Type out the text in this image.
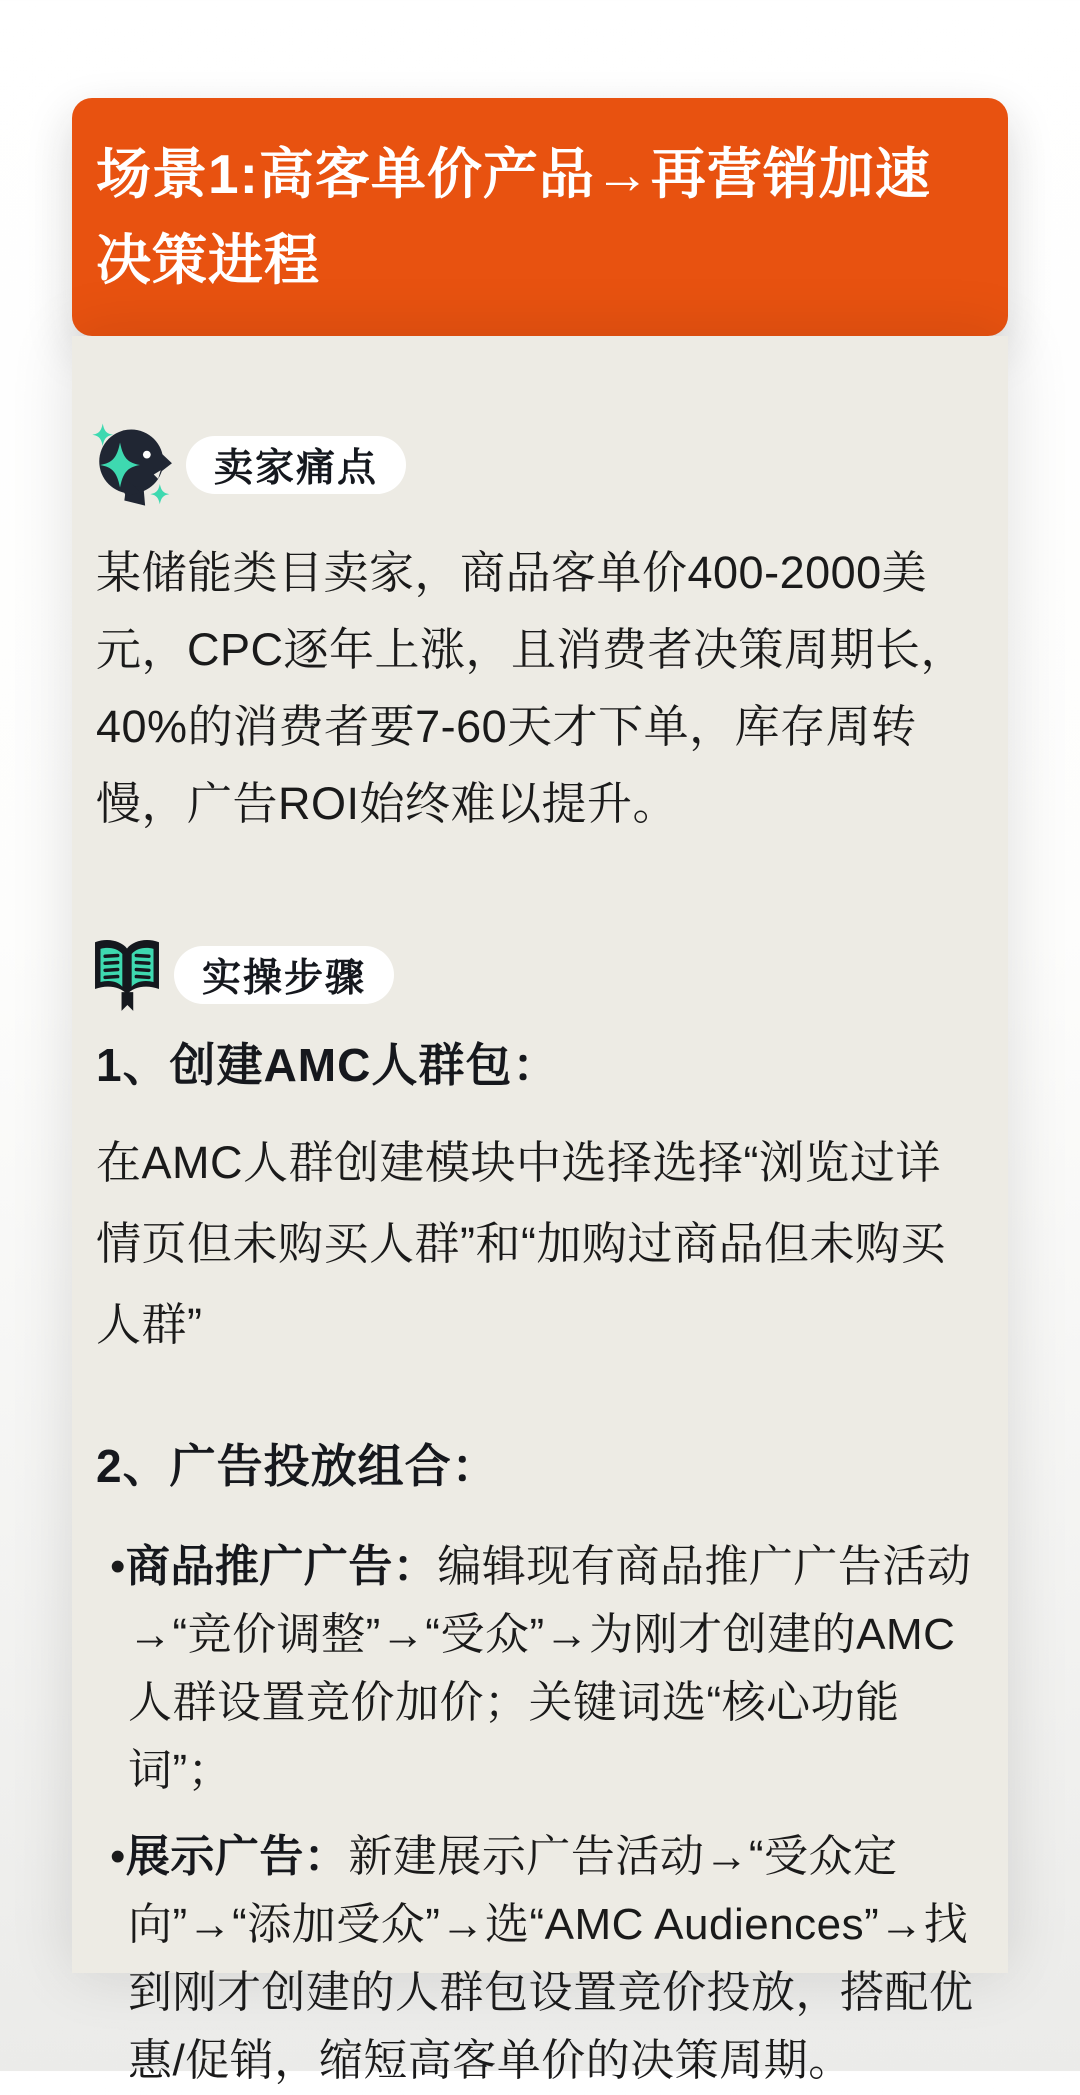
场景1:高客单价产品→再营销加速决策进程
卖家痛点

某储能类目卖家，商品客单价400-2000美元，CPC逐年上涨，且消费者决策周期长，40%的消费者要7-60天才下单，库存周转慢，广告ROI始终难以提升。

实操步骤
1、创建AMC人群包：

在AMC人群创建模块中选择选择“浏览过详情页但未购买人群”和“加购过商品但未购买人群”

2、广告投放组合：

•商品推广广告：编辑现有商品推广广告活动→“竞价调整”→“受众”→为刚才创建的AMC人群设置竞价加价；关键词选“核心功能词”；

•展示广告：新建展示广告活动→“受众定向”→“添加受众”→选“AMC Audiences”→找到刚才创建的人群包设置竞价投放，搭配优惠/促销，缩短高客单价的决策周期。
